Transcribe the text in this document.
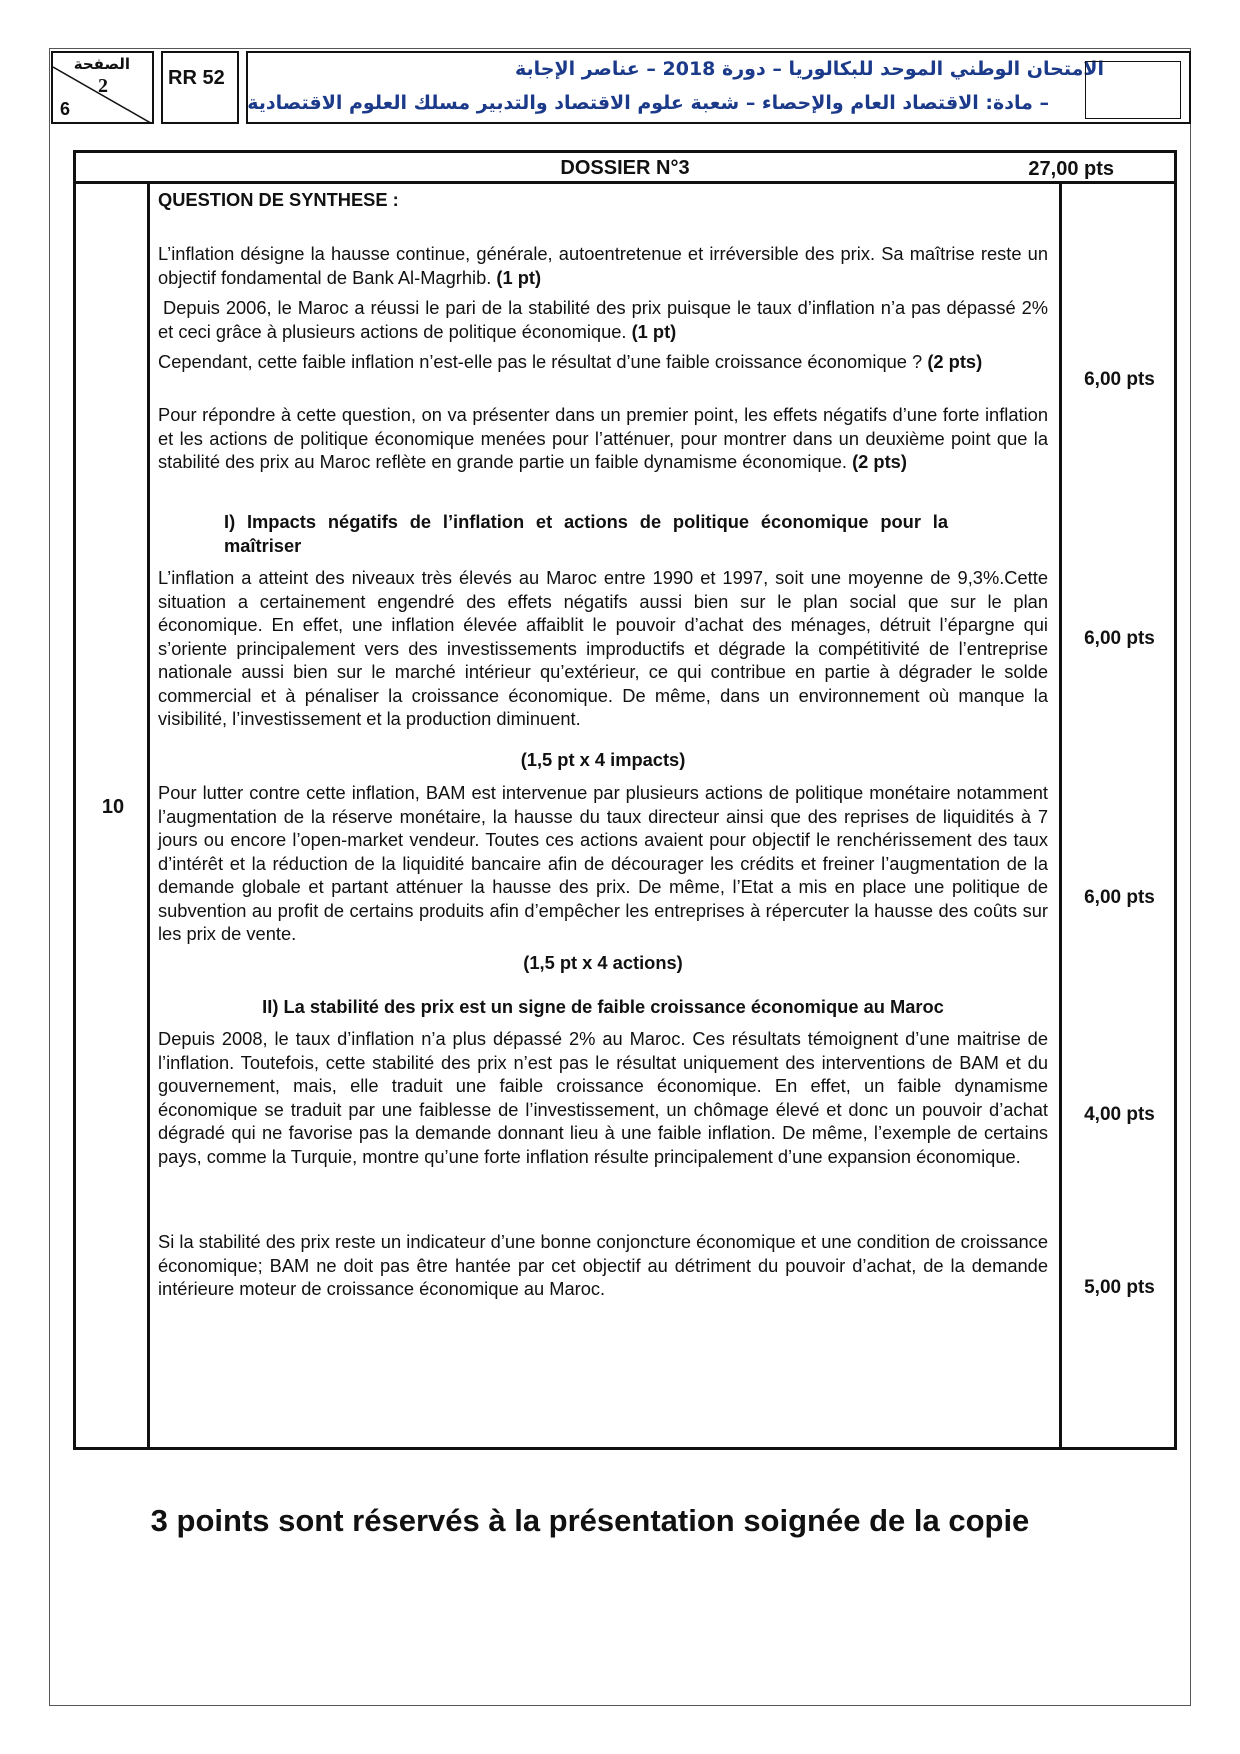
الصفحة
2
6
RR 52	الامتحان الوطني الموحد للبكالوريا – دورة 2018 – عناصر الإجابة
– مادة: الاقتصاد العام والإحصاء – شعبة علوم الاقتصاد والتدبير مسلك العلوم الاقتصادية
DOSSIER N°3	27,00 pts
10
6,00 pts
6,00 pts
6,00 pts
4,00 pts
5,00 pts
QUESTION DE SYNTHESE :
L’inflation désigne la hausse continue, générale, autoentretenue et irréversible des prix. Sa maîtrise reste un objectif fondamental de Bank Al-Magrhib. (1 pt)
Depuis 2006, le Maroc a réussi le pari de la stabilité des prix puisque le taux d’inflation n’a pas dépassé 2% et ceci grâce à plusieurs actions de politique économique. (1 pt)
Cependant, cette faible inflation n’est-elle pas le résultat d’une faible croissance économique ? (2 pts)
Pour répondre à cette question, on va présenter dans un premier point, les effets négatifs d’une forte inflation et les actions de politique économique menées pour l’atténuer, pour montrer dans un deuxième point que la stabilité des prix au Maroc reflète en grande partie un faible dynamisme économique. (2 pts)
I) Impacts négatifs de l’inflation et actions de politique économique pour la maîtriser
L’inflation a atteint des niveaux très élevés au Maroc entre 1990 et 1997, soit une moyenne de 9,3%.Cette situation a certainement engendré des effets négatifs aussi bien sur le plan social que sur le plan économique. En effet, une inflation élevée affaiblit le pouvoir d’achat des ménages, détruit l’épargne qui s’oriente principalement vers des investissements improductifs et dégrade la compétitivité de l’entreprise nationale aussi bien sur le marché intérieur qu’extérieur, ce qui contribue en partie à dégrader le solde commercial et à pénaliser la croissance économique. De même, dans un environnement où manque la visibilité, l’investissement et la production diminuent.
(1,5 pt x 4 impacts)
Pour lutter contre cette inflation, BAM est intervenue par plusieurs actions de politique monétaire notamment l’augmentation de la réserve monétaire, la hausse du taux directeur ainsi que des reprises de liquidités à 7 jours ou encore l’open-market vendeur. Toutes ces actions avaient pour objectif le renchérissement des taux d’intérêt et la réduction de la liquidité bancaire afin de décourager les crédits et freiner l’augmentation de la demande globale et partant atténuer la hausse des prix. De même, l’Etat a mis en place une politique de subvention au profit de certains produits afin d’empêcher les entreprises à répercuter la hausse des coûts sur les prix de vente.
(1,5 pt x 4 actions)
II) La stabilité des prix est un signe de faible croissance économique au Maroc
Depuis 2008, le taux d’inflation n’a plus dépassé 2% au Maroc. Ces résultats témoignent d’une maitrise de l’inflation. Toutefois, cette stabilité des prix n’est pas le résultat uniquement des interventions de BAM et du gouvernement, mais, elle traduit une faible croissance économique. En effet, un faible dynamisme économique se traduit par une faiblesse de l’investissement, un chômage élevé et donc un pouvoir d’achat dégradé qui ne favorise pas la demande donnant lieu à une faible inflation. De même, l’exemple de certains pays, comme la Turquie, montre qu’une forte inflation résulte principalement d’une expansion économique.
Si la stabilité des prix reste un indicateur d’une bonne conjoncture économique et une condition de croissance économique; BAM ne doit pas être hantée par cet objectif au détriment du pouvoir d’achat, de la demande intérieure moteur de croissance économique au Maroc.
3 points sont réservés à la présentation soignée de la copie
